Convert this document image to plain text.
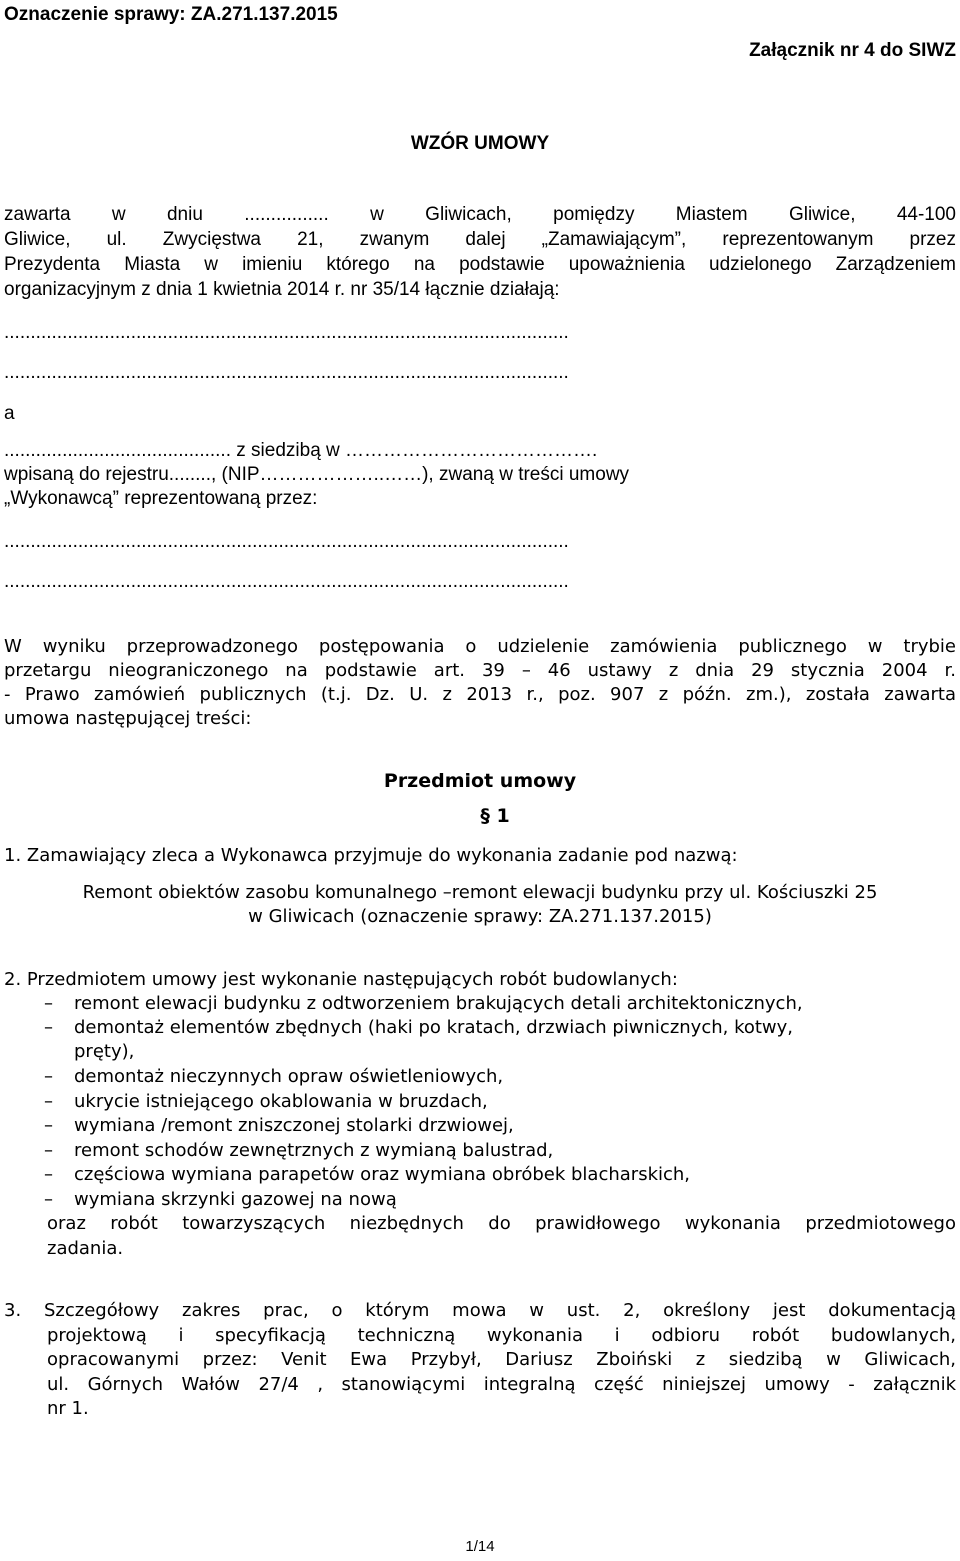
Oznaczenie sprawy: ZA.271.137.2015
Załącznik nr 4 do SIWZ
WZÓR UMOWY
zawarta w dniu ................ w Gliwicach, pomiędzy Miastem Gliwice, 44-100
Gliwice, ul. Zwycięstwa 21, zwanym dalej „Zamawiającym”, reprezentowanym przez
Prezydenta Miasta w imieniu którego na podstawie upoważnienia udzielonego Zarządzeniem
organizacyjnym z dnia 1 kwietnia 2014 r. nr 35/14 łącznie działają:
...........................................................................................................
...........................................................................................................
a
........................................... z siedzibą w ………………………………….
wpisaną do rejestru........, (NIP………………..……), zwaną w treści umowy
„Wykonawcą” reprezentowaną przez:
...........................................................................................................
...........................................................................................................
W wyniku przeprowadzonego postępowania o udzielenie zamówienia publicznego w trybie
przetargu nieograniczonego na podstawie art. 39 – 46 ustawy z dnia 29 stycznia 2004 r.
- Prawo zamówień publicznych (t.j. Dz. U. z 2013 r., poz. 907 z późn. zm.), została zawarta
umowa następującej treści:
Przedmiot umowy
§ 1
1. Zamawiający zleca a Wykonawca przyjmuje do wykonania zadanie pod nazwą:
Remont obiektów zasobu komunalnego –remont elewacji budynku przy ul. Kościuszki 25
w Gliwicach (oznaczenie sprawy: ZA.271.137.2015)
2. Przedmiotem umowy jest wykonanie następujących robót budowlanych:
– remont elewacji budynku z odtworzeniem brakujących detali architektonicznych,
– demontaż elementów zbędnych (haki po kratach, drzwiach piwnicznych, kotwy,
pręty),
– demontaż nieczynnych opraw oświetleniowych,
– ukrycie istniejącego okablowania w bruzdach,
– wymiana /remont zniszczonej stolarki drzwiowej,
– remont schodów zewnętrznych z wymianą balustrad,
– częściowa wymiana parapetów oraz wymiana obróbek blacharskich,
– wymiana skrzynki gazowej na nową
oraz robót towarzyszących niezbędnych do prawidłowego wykonania przedmiotowego
zadania.
3. Szczegółowy zakres prac, o którym mowa w ust. 2, określony jest dokumentacją
projektową i specyfikacją techniczną wykonania i odbioru robót budowlanych,
opracowanymi przez: Venit Ewa Przybył, Dariusz Zboiński z siedzibą w Gliwicach,
ul. Górnych Wałów 27/4 , stanowiącymi integralną część niniejszej umowy - załącznik
nr 1.
1/14
